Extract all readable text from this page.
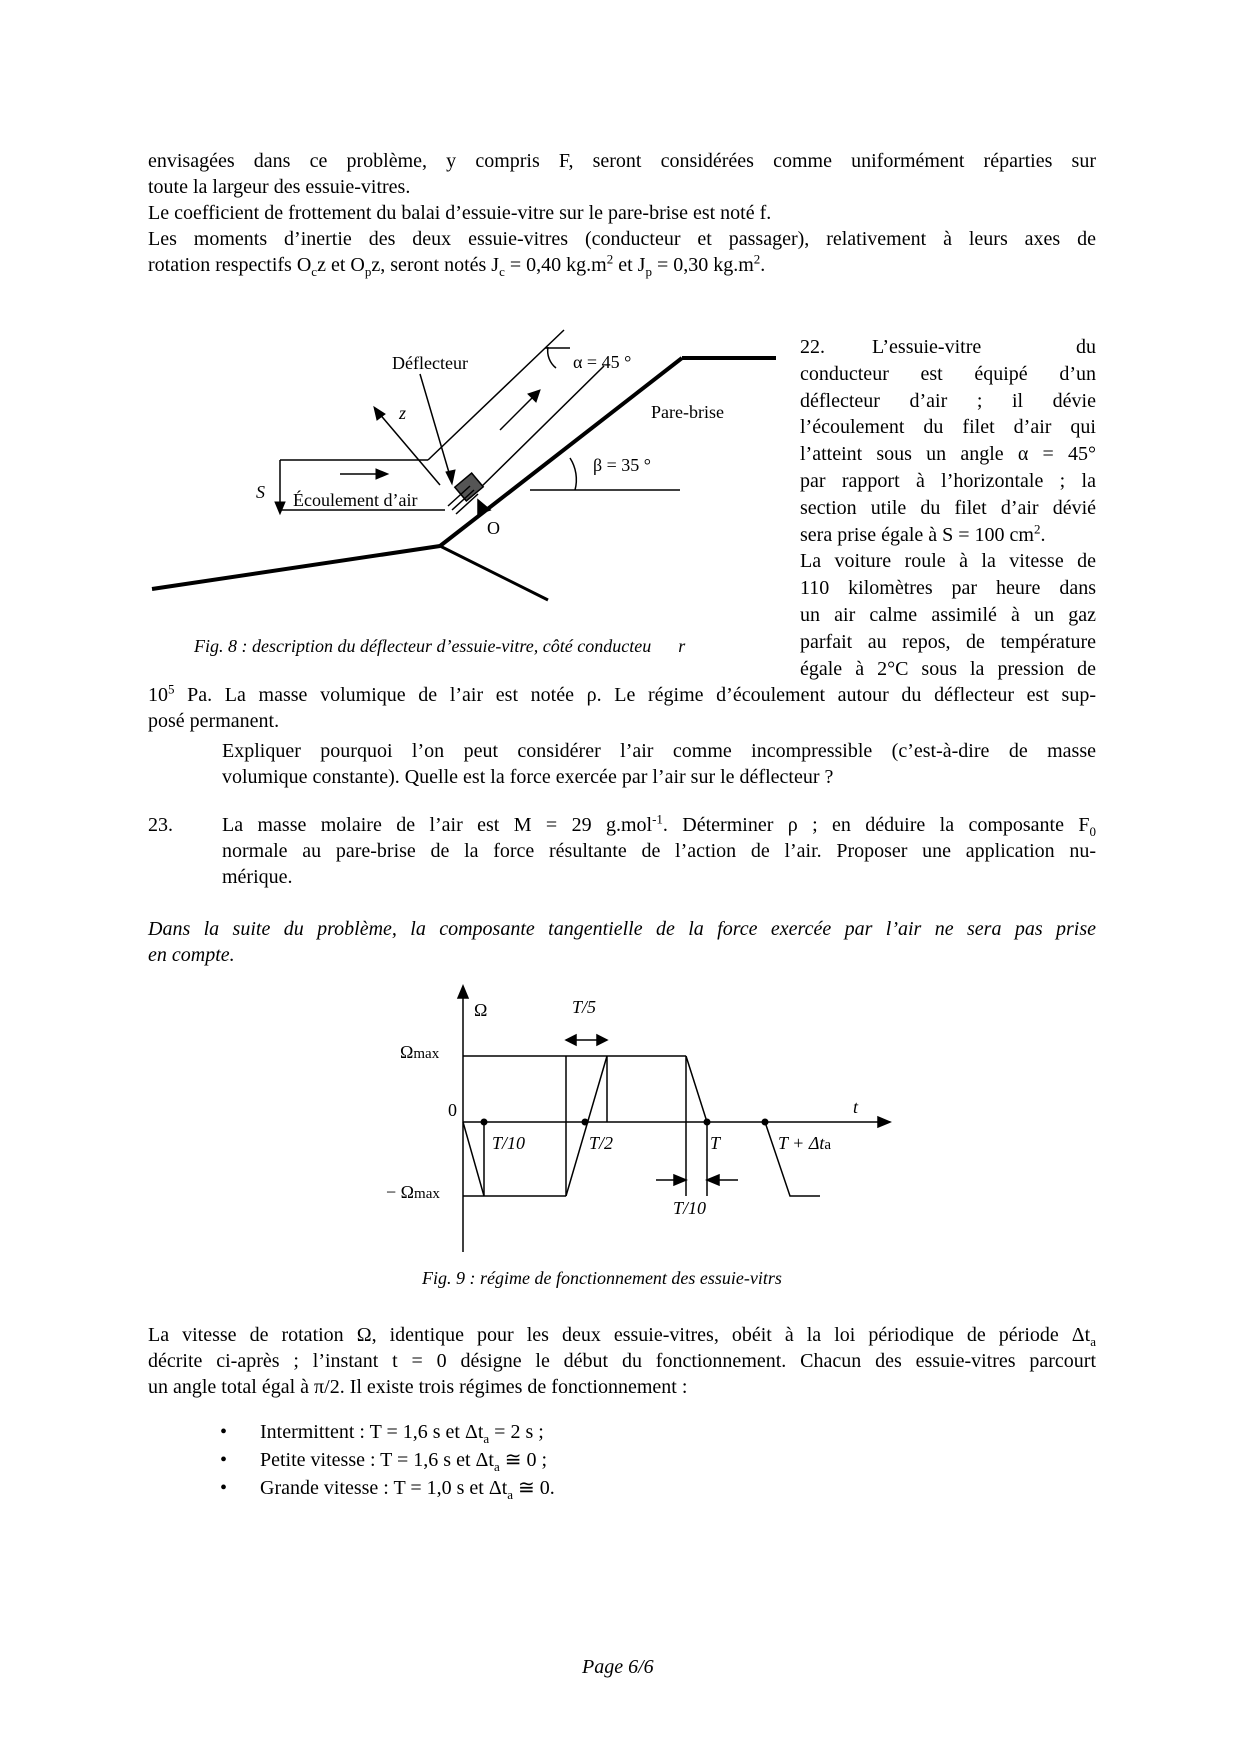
envisagées dans ce problème, y compris F, seront considérées comme uniformément réparties sur
toute la largeur des essuie-vitres.
Le coefficient de frottement du balai d’essuie-vitre sur le pare-brise est noté f.
Les moments d’inertie des deux essuie-vitres (conducteur et passager), relativement à leurs axes de
rotation respectifs $O_cz$ et $O_pz$, seront notés $J_c = 0,40$ $kg.m^2$ et $J_p = 0,30$ $kg.m^2$.
Déflecteur	α = 45 °
z	Pare-brise
β = 35 °
S Écoulement d’air
O
Fig. 8 : description du déflecteur d’essuie-vitre, côté conducteu      r
22. L’essuie-vitre	du
conducteur est équipé d’un
déflecteur d’air ; il dévie
l’écoulement du filet d’air qui
l’atteint sous un angle α = 45°
par rapport à l’horizontale ; la
section utile du filet d’air dévié
sera prise égale à S = 100 $cm^2$.
La voiture roule à la vitesse de
110 kilomètres par heure dans
un air calme assimilé à un gaz
parfait au repos, de température
égale à 2°C sous la pression de
$10^5$ Pa. La masse volumique de l’air est notée ρ. Le régime d’écoulement autour du déflecteur est sup-
posé permanent.
Expliquer pourquoi l’on peut considérer l’air comme incompressible (c’est-à-dire de masse
volumique constante). Quelle est la force exercée par l’air sur le déflecteur ?
23. La masse molaire de l’air est M = 29 g.mol$^{-1}$. Déterminer ρ ; en déduire la composante $F_0$
normale au pare-brise de la force résultante de l’action de l’air. Proposer une application nu-
mérique.
Dans la suite du problème, la composante tangentielle de la force exercée par l’air ne sera pas prise
en compte.
Ω	T/5
Ωmax
− Ωmax
0	t
T/10	T/2	T	T + Δta
T/10
Fig. 9 : régime de fonctionnement des essuie-vitrs
La vitesse de rotation Ω, identique pour les deux essuie-vitres, obéit à la loi périodique de période $\Delta t_a$
décrite ci-après ; l’instant t = 0 désigne le début du fonctionnement. Chacun des essuie-vitres parcourt
un angle total égal à π/2. Il existe trois régimes de fonctionnement :
• Intermittent : T = 1,6 s et $\Delta t_a = 2$ s ;
• Petite vitesse : T = 1,6 s et $\Delta t_a$ ≅ 0 ;
• Grande vitesse : T = 1,0 s et $\Delta t_a$ ≅ 0.
Page 6/6
